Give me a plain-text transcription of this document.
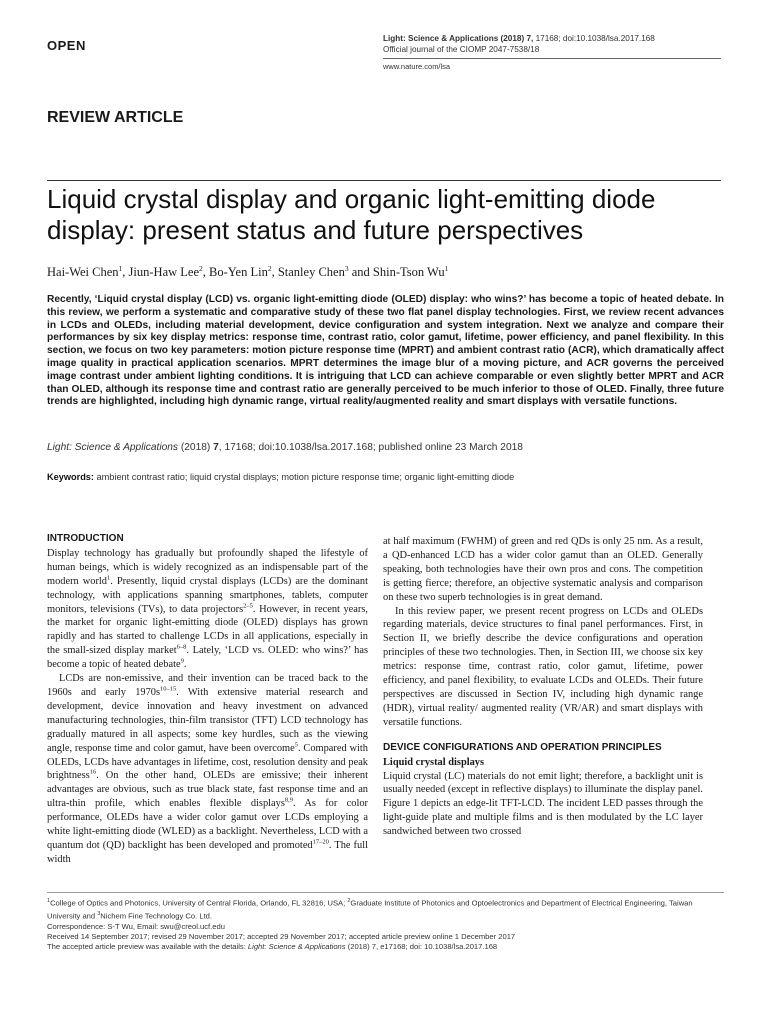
OPEN	Light: Science & Applications (2018) 7, 17168; doi:10.1038/lsa.2017.168
Official journal of the CIOMP 2047-7538/18
www.nature.com/lsa
REVIEW ARTICLE
Liquid crystal display and organic light-emitting diode display: present status and future perspectives
Hai-Wei Chen$^1$, Jiun-Haw Lee$^2$, Bo-Yen Lin$^2$, Stanley Chen$^3$ and Shin-Tson Wu$^1$
Recently, ‘Liquid crystal display (LCD) vs. organic light-emitting diode (OLED) display: who wins?’ has become a topic of heated debate. In this review, we perform a systematic and comparative study of these two flat panel display technologies. First, we review recent advances in LCDs and OLEDs, including material development, device configuration and system integration. Next we analyze and compare their performances by six key display metrics: response time, contrast ratio, color gamut, lifetime, power efficiency, and panel flexibility. In this section, we focus on two key parameters: motion picture response time (MPRT) and ambient contrast ratio (ACR), which dramatically affect image quality in practical application scenarios. MPRT determines the image blur of a moving picture, and ACR governs the perceived image contrast under ambient lighting conditions. It is intriguing that LCD can achieve comparable or even slightly better MPRT and ACR than OLED, although its response time and contrast ratio are generally perceived to be much inferior to those of OLED. Finally, three future trends are highlighted, including high dynamic range, virtual reality/augmented reality and smart displays with versatile functions.
Light: Science & Applications (2018) 7, 17168; doi:10.1038/lsa.2017.168; published online 23 March 2018
Keywords: ambient contrast ratio; liquid crystal displays; motion picture response time; organic light-emitting diode
INTRODUCTION

Display technology has gradually but profoundly shaped the lifestyle of human beings, which is widely recognized as an indispensable part of the modern world$^1$. Presently, liquid crystal displays (LCDs) are the dominant technology, with applications spanning smartphones, tablets, computer monitors, televisions (TVs), to data projectors$^{2-5}$. However, in recent years, the market for organic light-emitting diode (OLED) displays has grown rapidly and has started to challenge LCDs in all applications, especially in the small-sized display market$^{6-8}$. Lately, ‘LCD vs. OLED: who wins?’ has become a topic of heated debate$^9$.

LCDs are non-emissive, and their invention can be traced back to the 1960s and early $1970s^{10-15}$. With extensive material research and development, device innovation and heavy investment on advanced manufacturing technologies, thin-film transistor (TFT) LCD technology has gradually matured in all aspects; some key hurdles, such as the viewing angle, response time and color gamut, have been overcome$^5$. Compared with OLEDs, LCDs have advantages in lifetime, cost, resolution density and peak brightness$^{16}$. On the other hand, OLEDs are emissive; their inherent advantages are obvious, such as true black state, fast response time and an ultra-thin profile, which enables flexible displays$^{8,9}$. As for color performance, OLEDs have a wider color gamut over LCDs employing a white light-emitting diode (WLED) as a backlight. Nevertheless, LCD with a quantum dot (QD) backlight has been developed and promoted$^{17-20}$. The full width

at half maximum (FWHM) of green and red QDs is only 25 nm. As a result, a QD-enhanced LCD has a wider color gamut than an OLED. Generally speaking, both technologies have their own pros and cons. The competition is getting fierce; therefore, an objective systematic analysis and comparison on these two superb technologies is in great demand.

In this review paper, we present recent progress on LCDs and OLEDs regarding materials, device structures to final panel performances. First, in Section II, we briefly describe the device configurations and operation principles of these two technologies. Then, in Section III, we choose six key metrics: response time, contrast ratio, color gamut, lifetime, power efficiency, and panel flexibility, to evaluate LCDs and OLEDs. Their future perspectives are discussed in Section IV, including high dynamic range (HDR), virtual reality/ augmented reality (VR/AR) and smart displays with versatile functions.

DEVICE CONFIGURATIONS AND OPERATION PRINCIPLES
Liquid crystal displays

Liquid crystal (LC) materials do not emit light; therefore, a backlight unit is usually needed (except in reflective displays) to illuminate the display panel. Figure 1 depicts an edge-lit TFT-LCD. The incident LED passes through the light-guide plate and multiple films and is then modulated by the LC layer sandwiched between two crossed

$^1$College of Optics and Photonics, University of Central Florida, Orlando, FL 32816, USA; $^2$Graduate Institute of Photonics and Optoelectronics and Department of Electrical Engineering, Taiwan University and $^3$Nichem Fine Technology Co. Ltd.

Correspondence: S-T Wu, Email: swu@creol.ucf.edu

Received 14 September 2017; revised 29 November 2017; accepted 29 November 2017; accepted article preview online 1 December 2017

The accepted article preview was available with the details: Light: Science & Applications (2018) 7, e17168; doi: 10.1038/lsa.2017.168
